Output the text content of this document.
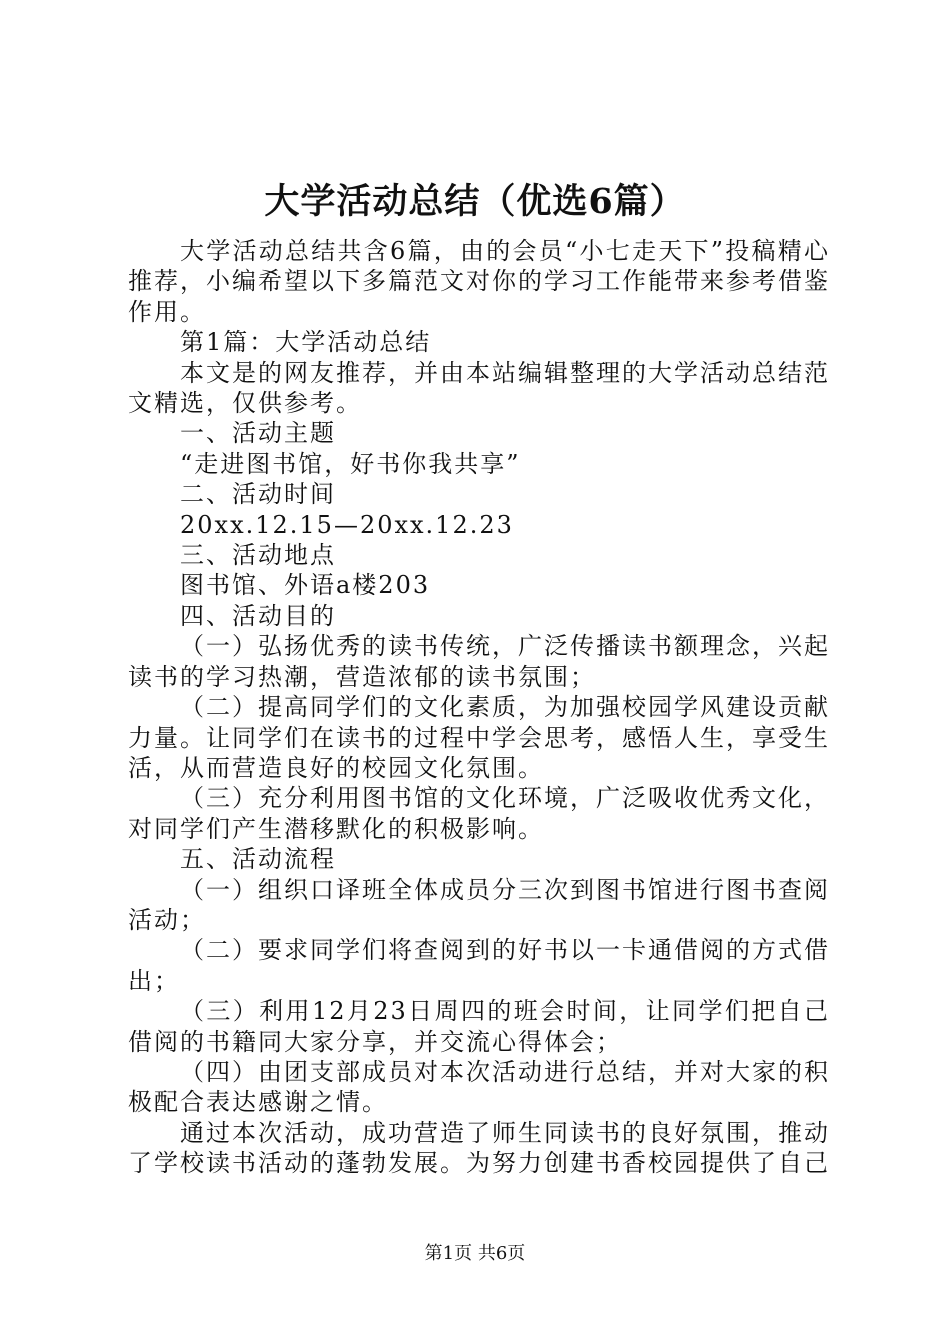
大学活动总结（优选6篇）

大学活动总结共含6篇，由的会员“小七走天下”投稿精心推荐，小编希望以下多篇范文对你的学习工作能带来参考借鉴作用。

第1篇：大学活动总结

本文是的网友推荐，并由本站编辑整理的大学活动总结范文精选，仅供参考。

一、活动主题

“走进图书馆，好书你我共享”

二、活动时间

20xx.12.15—20xx.12.23

三、活动地点

图书馆、外语a楼203

四、活动目的

（一）弘扬优秀的读书传统，广泛传播读书额理念，兴起读书的学习热潮，营造浓郁的读书氛围；

（二）提高同学们的文化素质，为加强校园学风建设贡献力量。让同学们在读书的过程中学会思考，感悟人生，享受生活，从而营造良好的校园文化氛围。

（三）充分利用图书馆的文化环境，广泛吸收优秀文化，对同学们产生潜移默化的积极影响。

五、活动流程

（一）组织口译班全体成员分三次到图书馆进行图书查阅活动；

（二）要求同学们将查阅到的好书以一卡通借阅的方式借出；

（三）利用12月23日周四的班会时间，让同学们把自己借阅的书籍同大家分享，并交流心得体会；

（四）由团支部成员对本次活动进行总结，并对大家的积极配合表达感谢之情。

通过本次活动，成功营造了师生同读书的良好氛围，推动了学校读书活动的蓬勃发展。为努力创建书香校园提供了自己

第1页 共6页
